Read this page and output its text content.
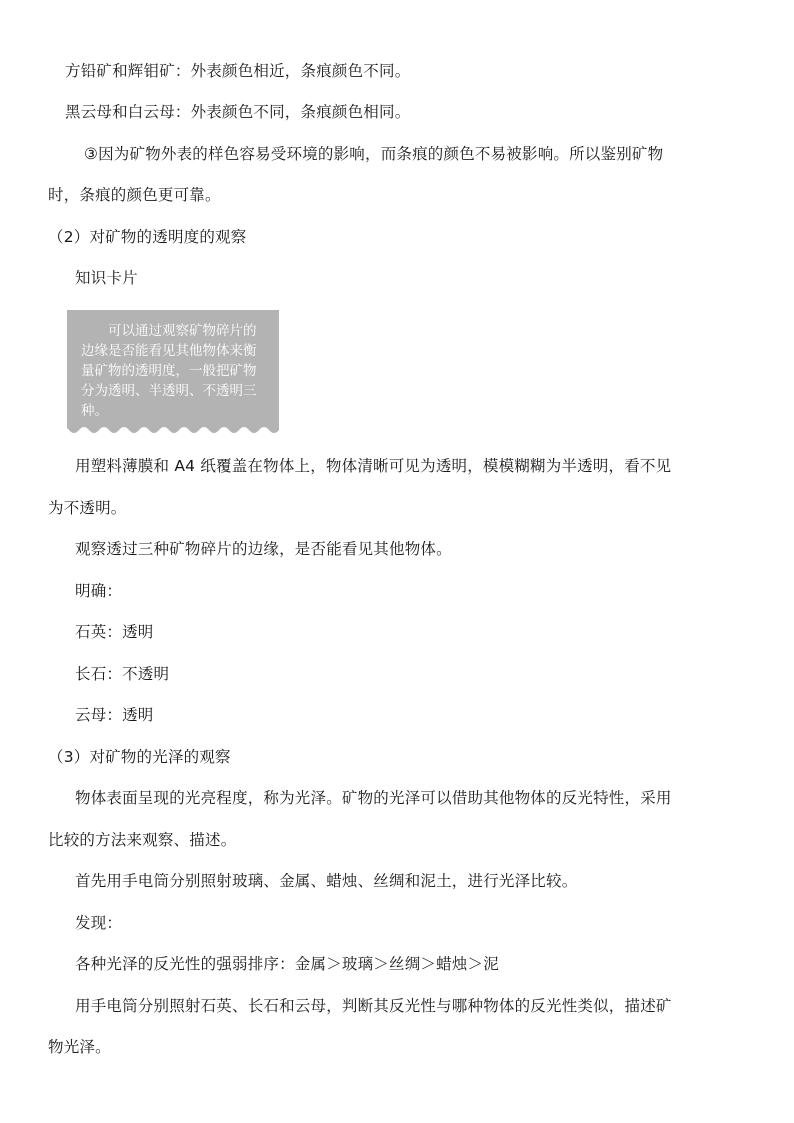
方铅矿和辉钼矿：外表颜色相近，条痕颜色不同。
黑云母和白云母：外表颜色不同，条痕颜色相同。
③因为矿物外表的样色容易受环境的影响，而条痕的颜色不易被影响。所以鉴别矿物
时，条痕的颜色更可靠。
（2）对矿物的透明度的观察
知识卡片
可以通过观察矿物碎片的边缘是否能看见其他物体来衡量矿物的透明度，一般把矿物分为透明、半透明、不透明三种。
用塑料薄膜和 A4 纸覆盖在物体上，物体清晰可见为透明，模模糊糊为半透明，看不见
为不透明。
观察透过三种矿物碎片的边缘，是否能看见其他物体。
明确：
石英：透明
长石：不透明
云母：透明
（3）对矿物的光泽的观察
物体表面呈现的光亮程度，称为光泽。矿物的光泽可以借助其他物体的反光特性，采用
比较的方法来观察、描述。
首先用手电筒分别照射玻璃、金属、蜡烛、丝绸和泥土，进行光泽比较。
发现：
各种光泽的反光性的强弱排序：金属＞玻璃＞丝绸＞蜡烛＞泥
用手电筒分别照射石英、长石和云母，判断其反光性与哪种物体的反光性类似，描述矿
物光泽。
